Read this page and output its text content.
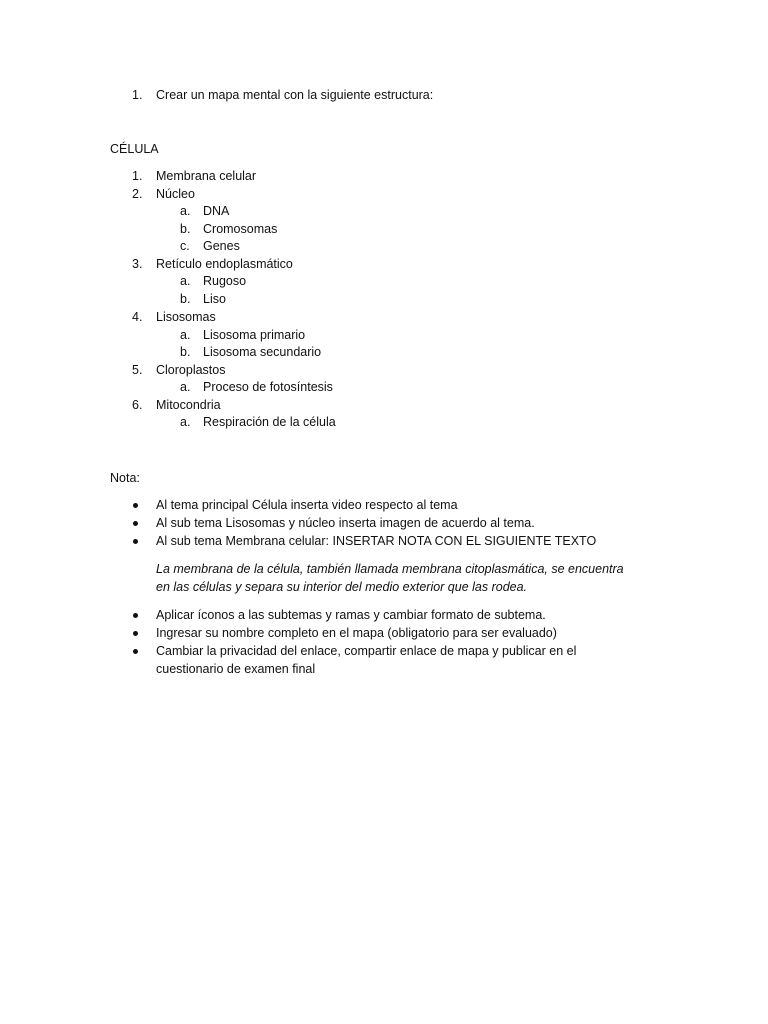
1. Crear un mapa mental con la siguiente estructura:
CÉLULA
1. Membrana celular
2. Núcleo
a. DNA
b. Cromosomas
c. Genes
3. Retículo endoplasmático
a. Rugoso
b. Liso
4. Lisosomas
a. Lisosoma primario
b. Lisosoma secundario
5. Cloroplastos
a. Proceso de fotosíntesis
6. Mitocondria
a. Respiración de la célula
Nota:
Al tema principal Célula inserta video respecto al tema
Al sub tema Lisosomas y núcleo inserta imagen de acuerdo al tema.
Al sub tema Membrana celular: INSERTAR NOTA CON EL SIGUIENTE TEXTO
La membrana de la célula, también llamada membrana citoplasmática, se encuentra
en las células y separa su interior del medio exterior que las rodea.
Aplicar íconos a las subtemas y ramas y cambiar formato de subtema.
Ingresar su nombre completo en el mapa (obligatorio para ser evaluado)
Cambiar la privacidad del enlace, compartir enlace de mapa y publicar en el
cuestionario de examen final
